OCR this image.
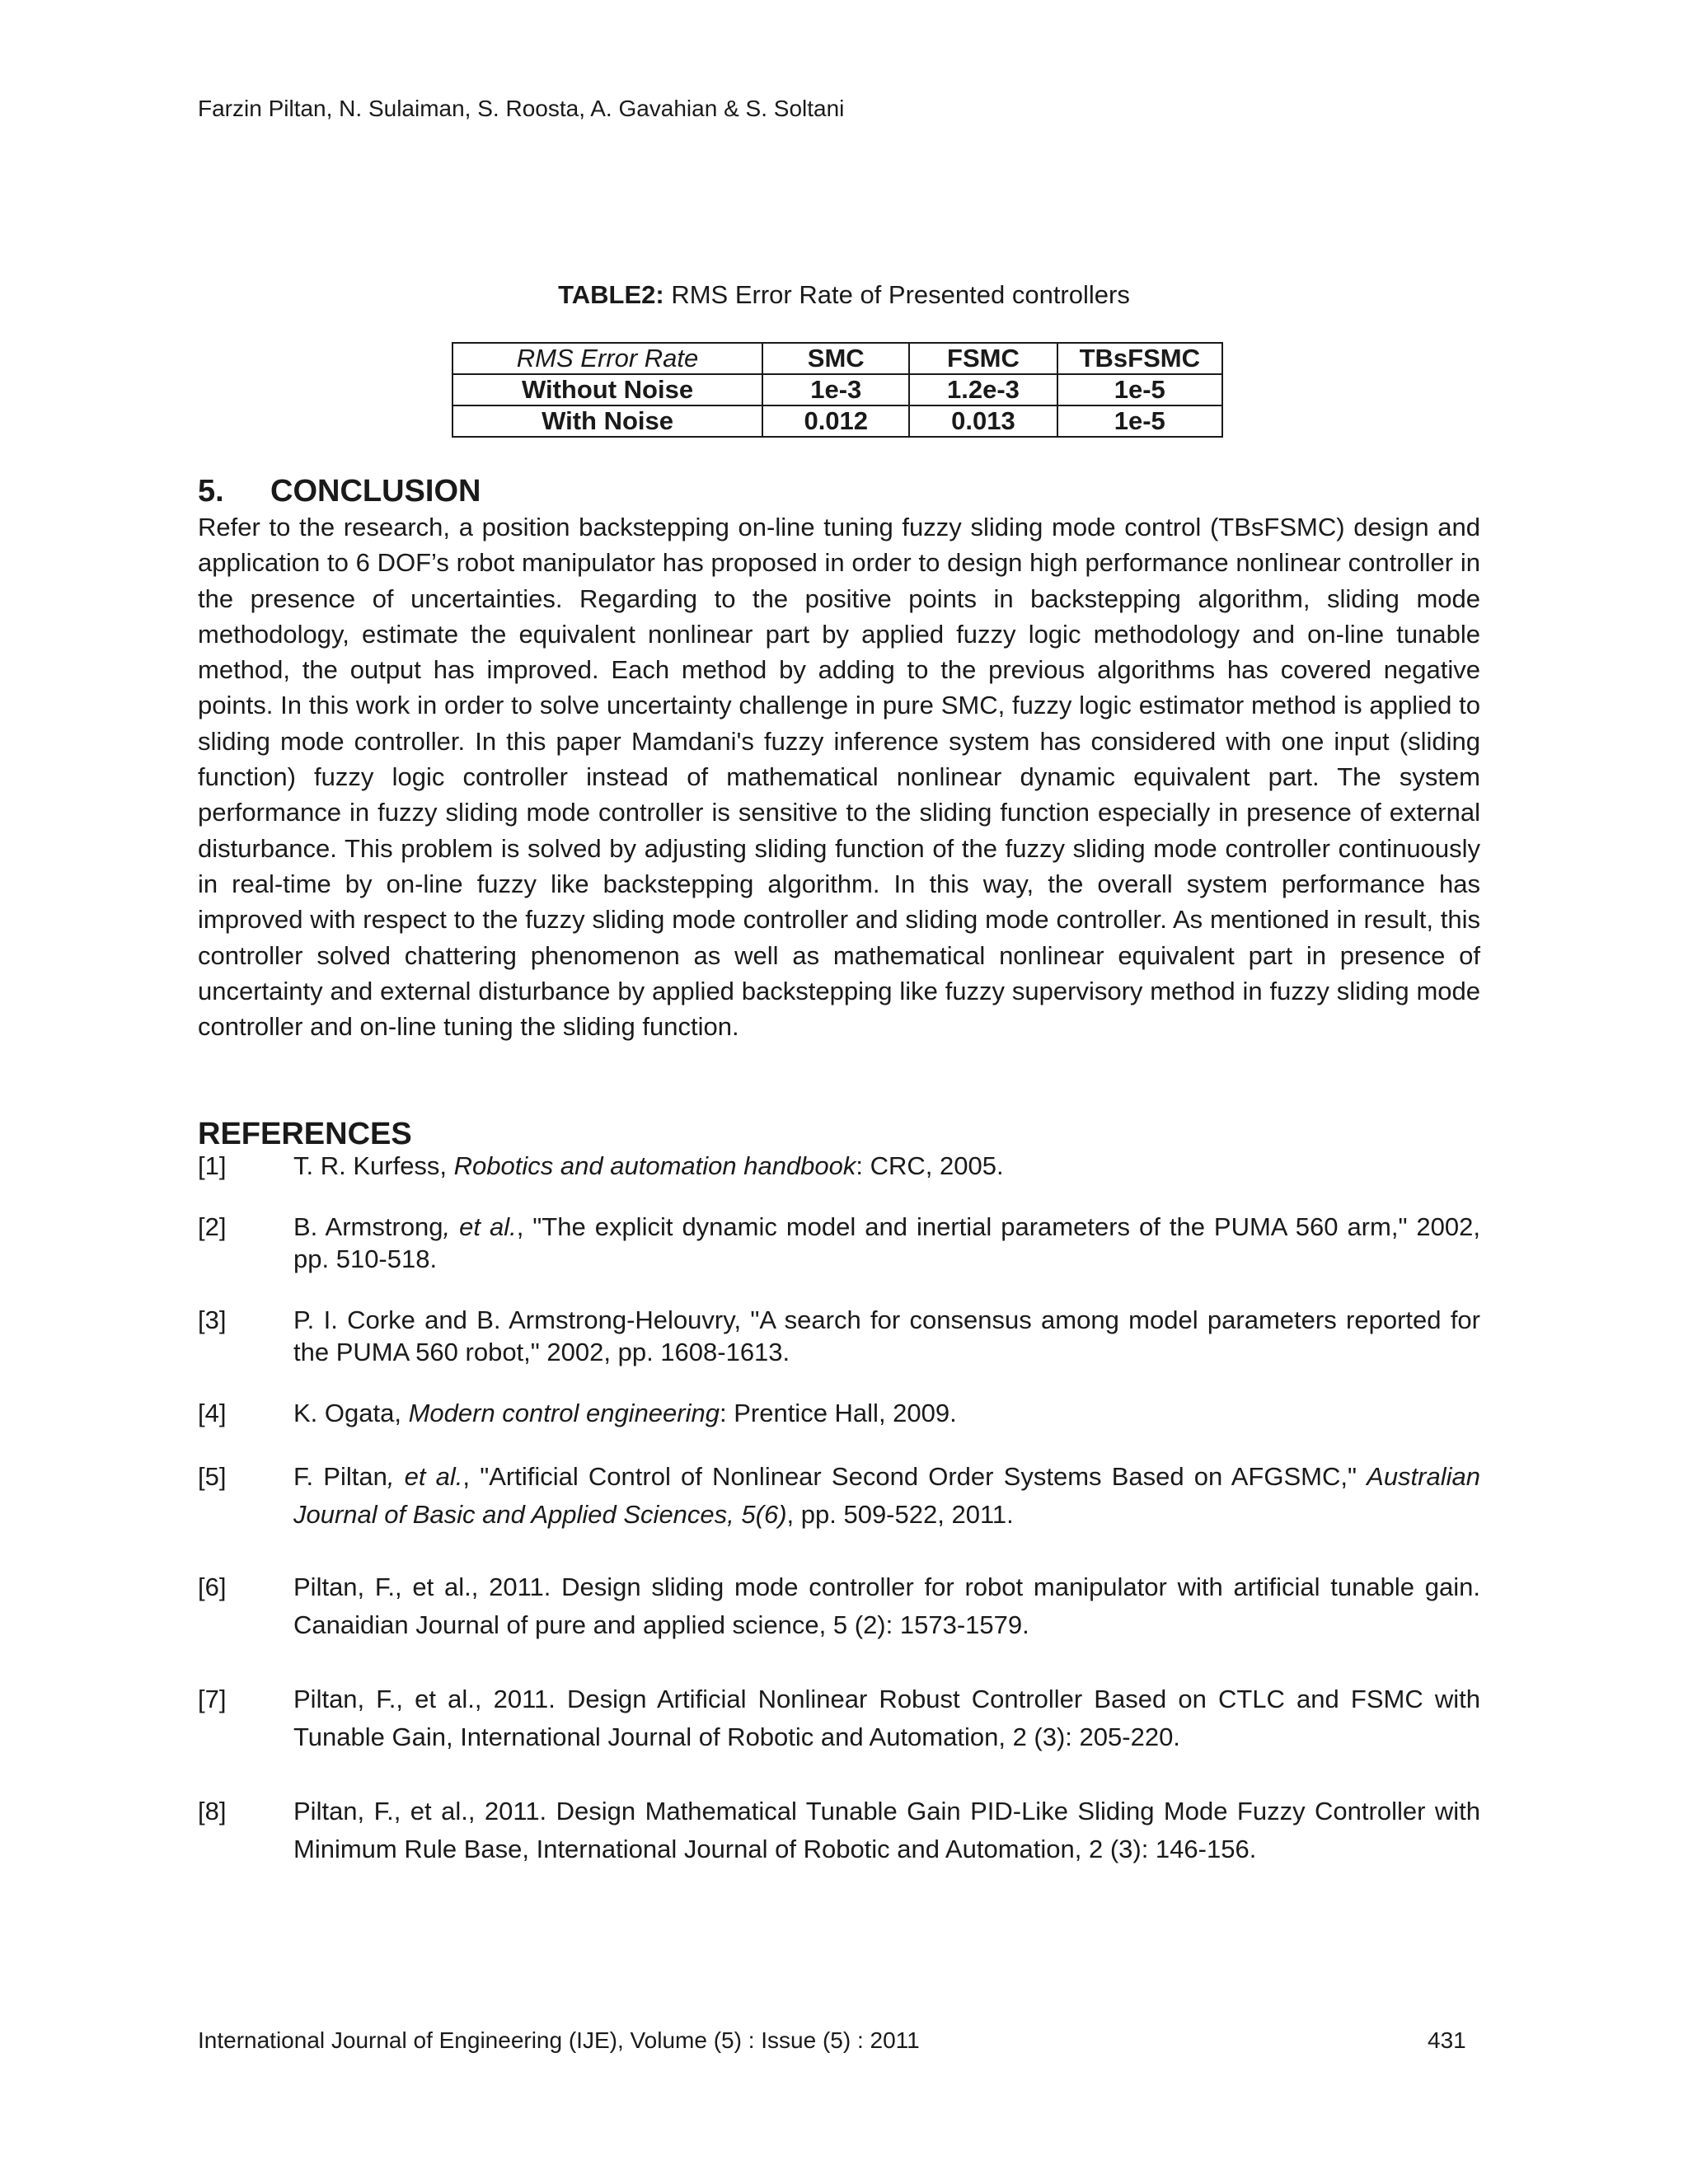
Farzin Piltan, N. Sulaiman, S. Roosta, A. Gavahian & S. Soltani
TABLE2: RMS Error Rate of Presented controllers
RMS Error Rate	SMC	FSMC	TBsFSMC
Without Noise	1e-3	1.2e-3	1e-5
With Noise	0.012	0.013	1e-5
5. CONCLUSION
Refer to the research, a position backstepping on-line tuning fuzzy sliding mode control (TBsFSMC) design and application to 6 DOF’s robot manipulator has proposed in order to design high performance nonlinear controller in the presence of uncertainties. Regarding to the positive points in backstepping algorithm, sliding mode methodology, estimate the equivalent nonlinear part by applied fuzzy logic methodology and on-line tunable method, the output has improved. Each method by adding to the previous algorithms has covered negative points. In this work in order to solve uncertainty challenge in pure SMC, fuzzy logic estimator method is applied to sliding mode controller. In this paper Mamdani's fuzzy inference system has considered with one input (sliding function) fuzzy logic controller instead of mathematical nonlinear dynamic equivalent part. The system performance in fuzzy sliding mode controller is sensitive to the sliding function especially in presence of external disturbance. This problem is solved by adjusting sliding function of the fuzzy sliding mode controller continuously in real-time by on-line fuzzy like backstepping algorithm. In this way, the overall system performance has improved with respect to the fuzzy sliding mode controller and sliding mode controller. As mentioned in result, this controller solved chattering phenomenon as well as mathematical nonlinear equivalent part in presence of uncertainty and external disturbance by applied backstepping like fuzzy supervisory method in fuzzy sliding mode controller and on-line tuning the sliding function.
REFERENCES

[1]	T. R. Kurfess, Robotics and automation handbook: CRC, 2005.

[2]	B. Armstrong, et al., "The explicit dynamic model and inertial parameters of the PUMA 560 arm," 2002, pp. 510-518.

[3]	P. I. Corke and B. Armstrong-Helouvry, "A search for consensus among model parameters reported for the PUMA 560 robot," 2002, pp. 1608-1613.

[4]	K. Ogata, Modern control engineering: Prentice Hall, 2009.

[5]	F. Piltan, et al., "Artificial Control of Nonlinear Second Order Systems Based on AFGSMC," Australian Journal of Basic and Applied Sciences, 5(6), pp. 509-522, 2011.

[6]	Piltan, F., et al., 2011. Design sliding mode controller for robot manipulator with artificial tunable gain. Canaidian Journal of pure and applied science, 5 (2): 1573-1579.

[7]	Piltan, F., et al., 2011. Design Artificial Nonlinear Robust Controller Based on CTLC and FSMC with Tunable Gain, International Journal of Robotic and Automation, 2 (3): 205-220.

[8]	Piltan, F., et al., 2011. Design Mathematical Tunable Gain PID-Like Sliding Mode Fuzzy Controller with Minimum Rule Base, International Journal of Robotic and Automation, 2 (3): 146-156.

International Journal of Engineering (IJE), Volume (5) : Issue (5) : 2011	431
